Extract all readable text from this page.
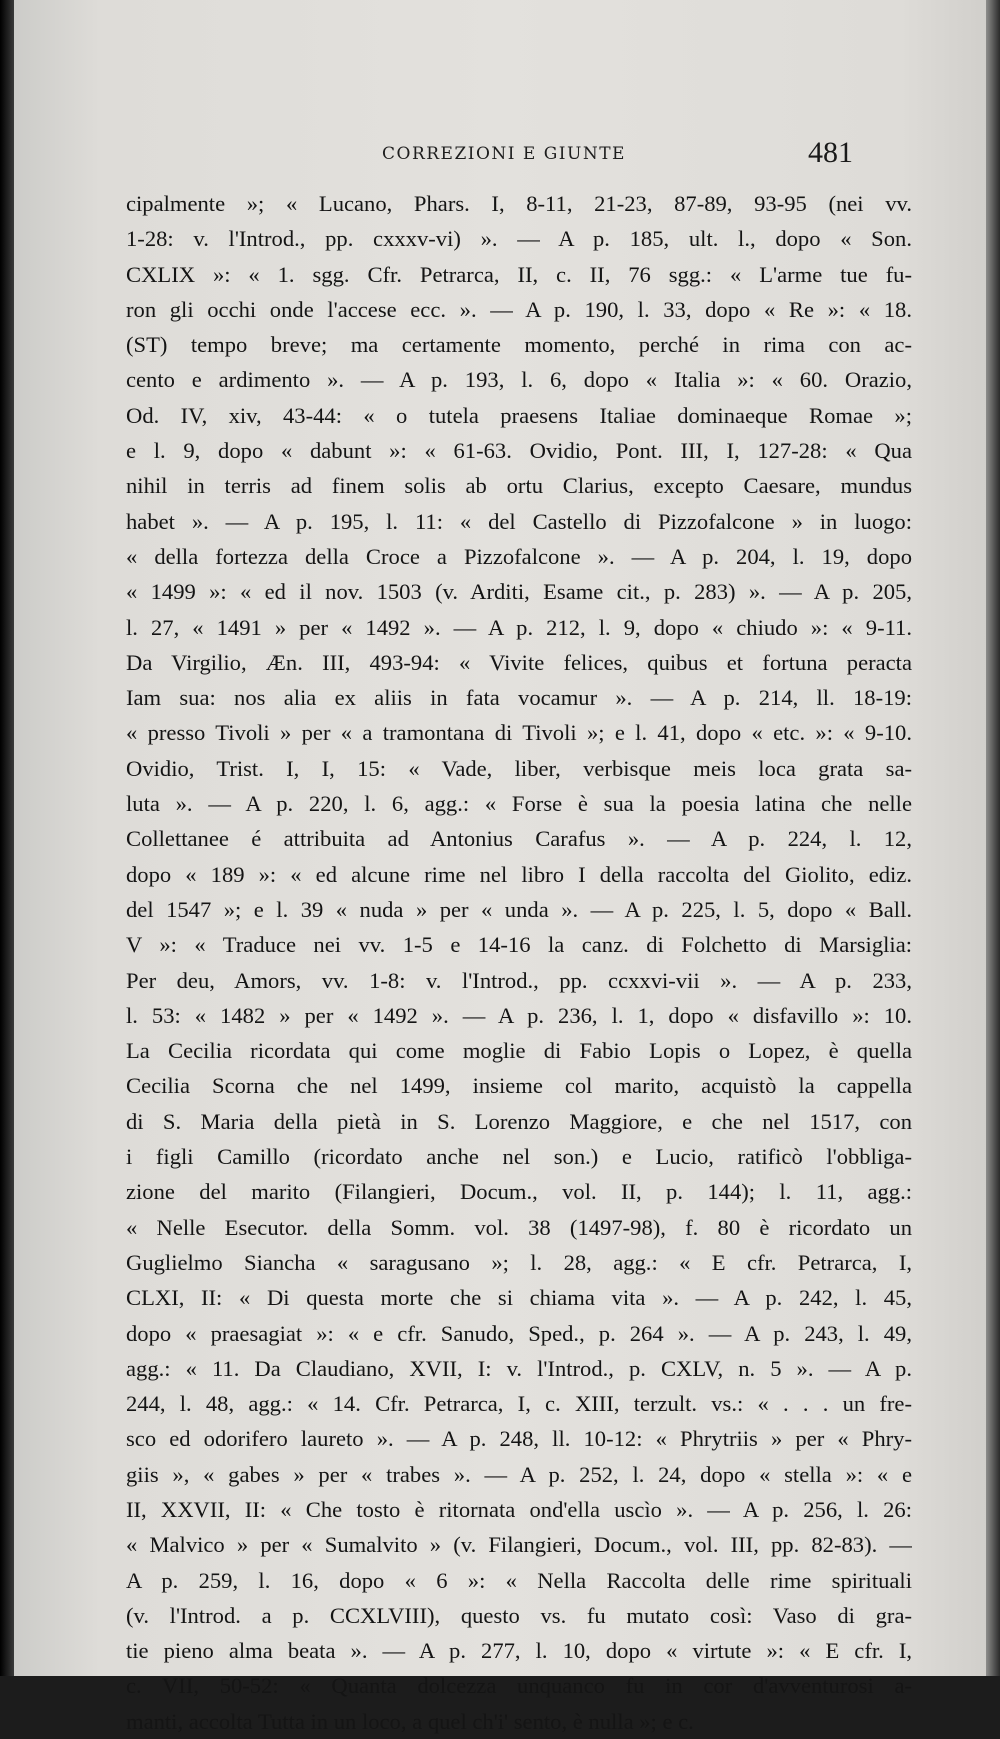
CORREZIONI E GIUNTE	481
cipalmente »; « Lucano, Phars. I, 8-11, 21-23, 87-89, 93-95 (nei vv.
1-28: v. l'Introd., pp. cxxxv-vi) ». — A p. 185, ult. l., dopo « Son.
CXLIX »: « 1. sgg. Cfr. Petrarca, II, c. II, 76 sgg.: « L'arme tue fu-
ron gli occhi onde l'accese ecc. ». — A p. 190, l. 33, dopo « Re »: « 18.
(ST) tempo breve; ma certamente momento, perché in rima con ac-
cento e ardimento ». — A p. 193, l. 6, dopo « Italia »: « 60. Orazio,
Od. IV, xiv, 43-44: « o tutela praesens Italiae dominaeque Romae »;
e l. 9, dopo « dabunt »: « 61-63. Ovidio, Pont. III, I, 127-28: « Qua
nihil in terris ad finem solis ab ortu Clarius, excepto Caesare, mundus
habet ». — A p. 195, l. 11: « del Castello di Pizzofalcone » in luogo:
« della fortezza della Croce a Pizzofalcone ». — A p. 204, l. 19, dopo
« 1499 »: « ed il nov. 1503 (v. Arditi, Esame cit., p. 283) ». — A p. 205,
l. 27, « 1491 » per « 1492 ». — A p. 212, l. 9, dopo « chiudo »: « 9-11.
Da Virgilio, Æn. III, 493-94: « Vivite felices, quibus et fortuna peracta
Iam sua: nos alia ex aliis in fata vocamur ». — A p. 214, ll. 18-19:
« presso Tivoli » per « a tramontana di Tivoli »; e l. 41, dopo « etc. »: « 9-10.
Ovidio, Trist. I, I, 15: « Vade, liber, verbisque meis loca grata sa-
luta ». — A p. 220, l. 6, agg.: « Forse è sua la poesia latina che nelle
Collettanee é attribuita ad Antonius Carafus ». — A p. 224, l. 12,
dopo « 189 »: « ed alcune rime nel libro I della raccolta del Giolito, ediz.
del 1547 »; e l. 39 « nuda » per « unda ». — A p. 225, l. 5, dopo « Ball.
V »: « Traduce nei vv. 1-5 e 14-16 la canz. di Folchetto di Marsiglia:
Per deu, Amors, vv. 1-8: v. l'Introd., pp. ccxxvi-vii ». — A p. 233,
l. 53: « 1482 » per « 1492 ». — A p. 236, l. 1, dopo « disfavillo »: 10.
La Cecilia ricordata qui come moglie di Fabio Lopis o Lopez, è quella
Cecilia Scorna che nel 1499, insieme col marito, acquistò la cappella
di S. Maria della pietà in S. Lorenzo Maggiore, e che nel 1517, con
i figli Camillo (ricordato anche nel son.) e Lucio, ratificò l'obbliga-
zione del marito (Filangieri, Docum., vol. II, p. 144); l. 11, agg.:
« Nelle Esecutor. della Somm. vol. 38 (1497-98), f. 80 è ricordato un
Guglielmo Siancha « saragusano »; l. 28, agg.: « E cfr. Petrarca, I,
CLXI, II: « Di questa morte che si chiama vita ». — A p. 242, l. 45,
dopo « praesagiat »: « e cfr. Sanudo, Sped., p. 264 ». — A p. 243, l. 49,
agg.: « 11. Da Claudiano, XVII, I: v. l'Introd., p. CXLV, n. 5 ». — A p.
244, l. 48, agg.: « 14. Cfr. Petrarca, I, c. XIII, terzult. vs.: « . . . un fre-
sco ed odorifero laureto ». — A p. 248, ll. 10-12: « Phrytriis » per « Phry-
giis », « gabes » per « trabes ». — A p. 252, l. 24, dopo « stella »: « e
II, XXVII, II: « Che tosto è ritornata ond'ella uscìo ». — A p. 256, l. 26:
« Malvico » per « Sumalvito » (v. Filangieri, Docum., vol. III, pp. 82-83). —
A p. 259, l. 16, dopo « 6 »: « Nella Raccolta delle rime spirituali
(v. l'Introd. a p. CCXLVIII), questo vs. fu mutato così: Vaso di gra-
tie pieno alma beata ». — A p. 277, l. 10, dopo « virtute »: « E cfr. I,
c. VII, 50-52: « Quanta dolcezza unquanco fu in cor d'avventurosi a-
manti, accolta Tutta in un loco, a quel ch'i' sento, è nulla »; e c.
